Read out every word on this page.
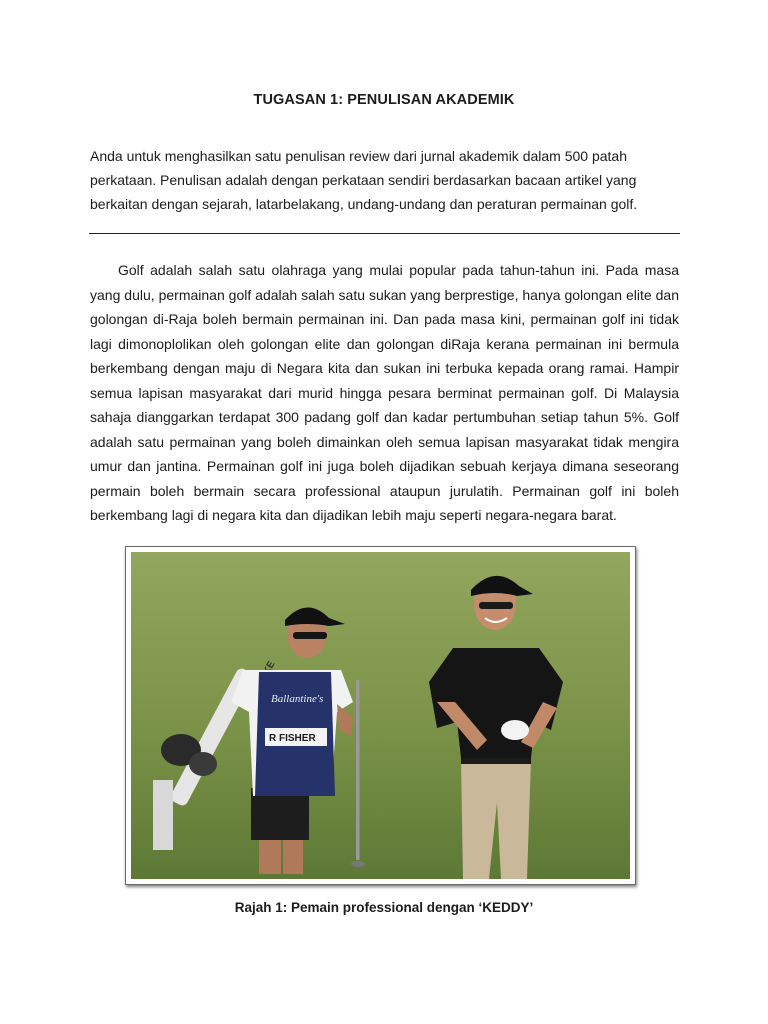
TUGASAN 1: PENULISAN AKADEMIK
Anda untuk menghasilkan satu penulisan review dari jurnal akademik dalam 500 patah perkataan. Penulisan adalah dengan perkataan sendiri berdasarkan bacaan artikel yang berkaitan dengan sejarah, latarbelakang, undang-undang dan peraturan permainan golf.
Golf adalah salah satu olahraga yang mulai popular pada tahun-tahun ini. Pada masa yang dulu, permainan golf adalah salah satu sukan yang berprestige, hanya golongan elite dan golongan di-Raja boleh bermain permainan ini. Dan pada masa kini, permainan golf ini tidak lagi dimonoplolikan oleh golongan elite dan golongan diRaja kerana permainan ini bermula berkembang dengan maju di Negara kita dan sukan ini terbuka kepada orang ramai. Hampir semua lapisan masyarakat dari murid hingga pesara berminat permainan golf. Di Malaysia sahaja dianggarkan terdapat 300 padang golf dan kadar pertumbuhan setiap tahun 5%. Golf adalah satu permainan yang boleh dimainkan oleh semua lapisan masyarakat tidak mengira umur dan jantina. Permainan golf ini juga boleh dijadikan sebuah kerjaya dimana seseorang permain boleh bermain secara professional ataupun jurulatih. Permainan golf ini boleh berkembang lagi di negara kita dan dijadikan lebih maju seperti negara-negara barat.
Ballantine's
R FISHER
Rajah 1: Pemain professional dengan ‘KEDDY’
